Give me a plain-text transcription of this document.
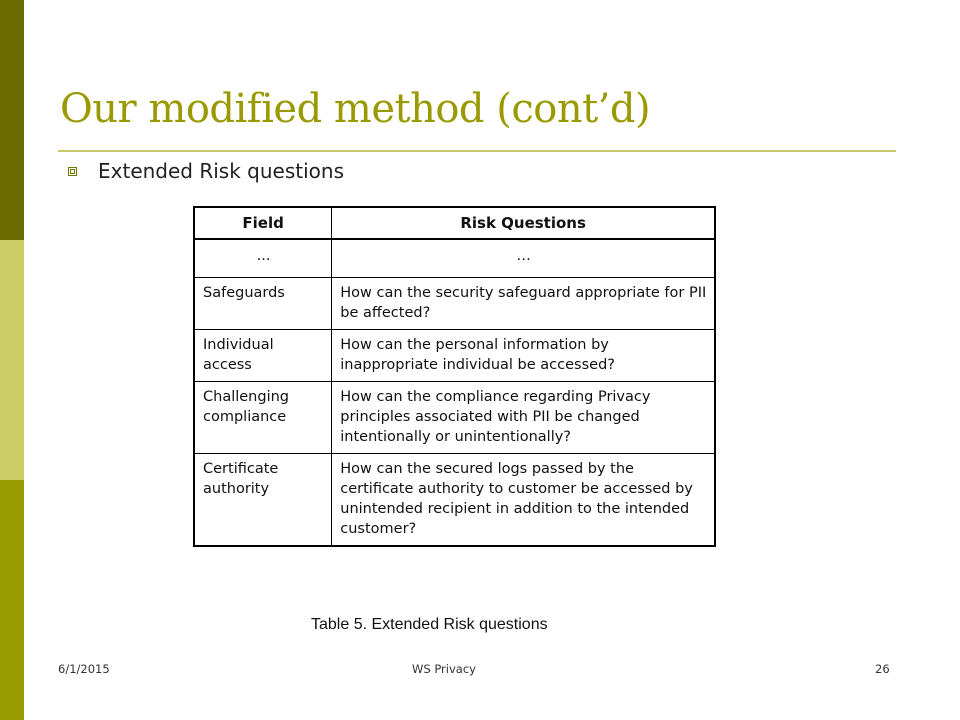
Our modified method (cont’d)
Extended Risk questions
Field	Risk Questions
...	…
Safeguards	How can the security safeguard appropriate for PII be affected?
Individual access	How can the personal information by inappropriate individual be accessed?
Challenging compliance	How can the compliance regarding Privacy principles associated with PII be changed intentionally or unintentionally?
Certificate authority	How can the secured logs passed by the certificate authority to customer be accessed by unintended recipient in addition to the intended customer?
Table 5. Extended Risk questions
6/1/2015	WS Privacy	26
